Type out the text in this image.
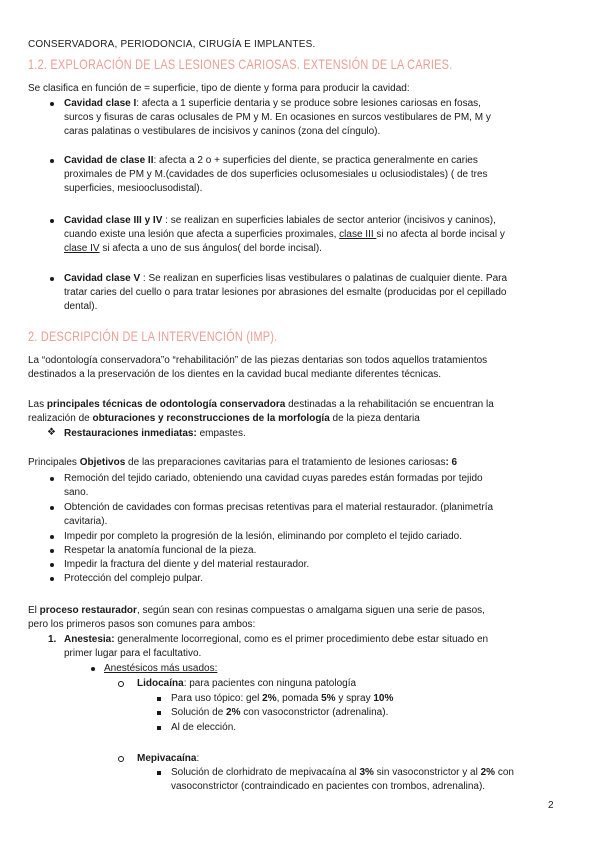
CONSERVADORA, PERIODONCIA, CIRUGÍA E IMPLANTES.
1.2. EXPLORACIÓN DE LAS LESIONES CARIOSAS. EXTENSIÓN DE LA CARIES.
Se clasifica en función de = superficie, tipo de diente y forma para producir la cavidad:
Cavidad clase I: afecta a 1 superficie dentaria y se produce sobre lesiones cariosas en fosas,
surcos y fisuras de caras oclusales de PM y M. En ocasiones en surcos vestibulares de PM, M y
caras palatinas o vestibulares de incisivos y caninos (zona del cíngulo).
Cavidad de clase II: afecta a 2 o + superficies del diente, se practica generalmente en caries
proximales de PM y M.(cavidades de dos superficies oclusomesiales u oclusiodistales) ( de tres
superficies, mesiooclusodistal).
Cavidad clase III y IV : se realizan en superficies labiales de sector anterior (incisivos y caninos),
cuando existe una lesión que afecta a superficies proximales, clase III si no afecta al borde incisal y
clase IV si afecta a uno de sus ángulos( del borde incisal).
Cavidad clase V : Se realizan en superficies lisas vestibulares o palatinas de cualquier diente. Para
tratar caries del cuello o para tratar lesiones por abrasiones del esmalte (producidas por el cepillado
dental).
2. DESCRIPCIÓN DE LA INTERVENCIÓN (IMP).
La “odontología conservadora”o “rehabilitación” de las piezas dentarias son todos aquellos tratamientos
destinados a la preservación de los dientes en la cavidad bucal mediante diferentes técnicas.
Las principales técnicas de odontología conservadora destinadas a la rehabilitación se encuentran la
realización de obturaciones y reconstrucciones de la morfología de la pieza dentaria
❖ Restauraciones inmediatas: empastes.
Principales Objetivos de las preparaciones cavitarias para el tratamiento de lesiones cariosas: 6
Remoción del tejido cariado, obteniendo una cavidad cuyas paredes están formadas por tejido
sano.
Obtención de cavidades con formas precisas retentivas para el material restaurador. (planimetría
cavitaria).
Impedir por completo la progresión de la lesión, eliminando por completo el tejido cariado.
Respetar la anatomía funcional de la pieza.
Impedir la fractura del diente y del material restaurador.
Protección del complejo pulpar.
El proceso restaurador, según sean con resinas compuestas o amalgama siguen una serie de pasos,
pero los primeros pasos son comunes para ambos:
1. Anestesia: generalmente locorregional, como es el primer procedimiento debe estar situado en
primer lugar para el facultativo.
Anestésicos más usados:
Lidocaína: para pacientes con ninguna patología
Para uso tópico: gel 2%, pomada 5% y spray 10%
Solución de 2% con vasoconstrictor (adrenalina).
Al de elección.
Mepivacaína:
Solución de clorhidrato de mepivacaína al 3% sin vasoconstrictor y al 2% con
vasoconstrictor (contraindicado en pacientes con trombos, adrenalina).
2
